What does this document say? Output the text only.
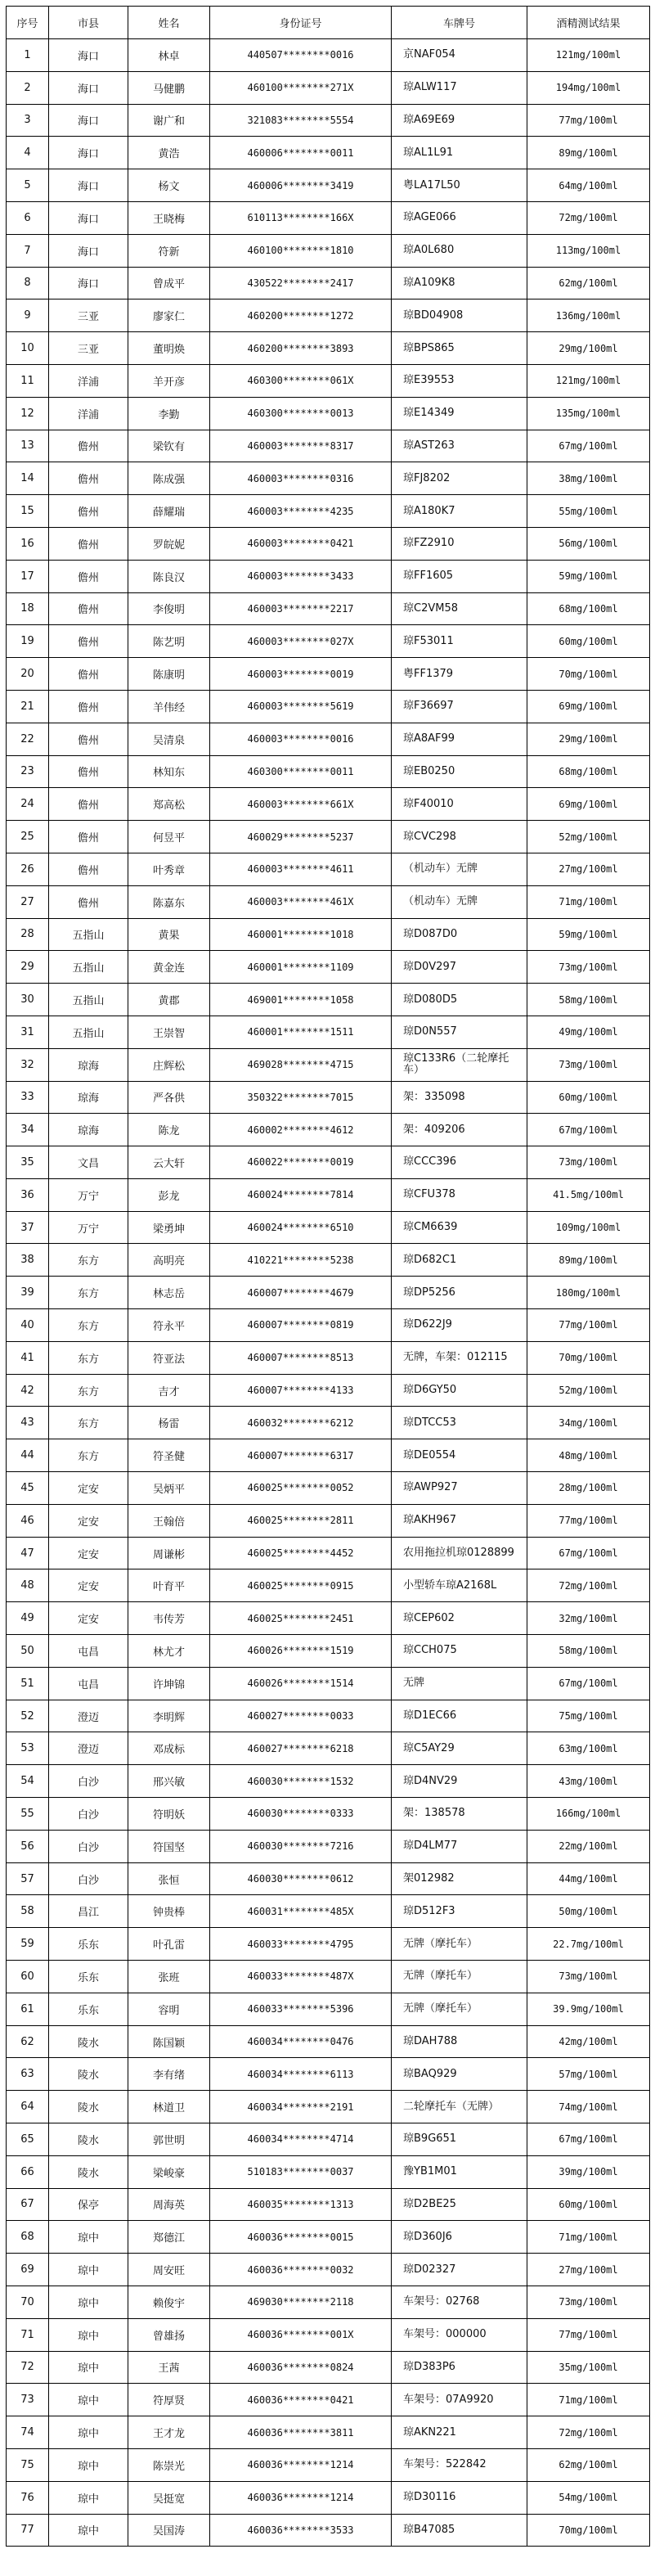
序号	市县	姓名	身份证号	车牌号	酒精测试结果
1	海口	林卓	440507********0016	京NAF054	121mg/100ml
2	海口	马健鹏	460100********271X	琼ALW117	194mg/100ml
3	海口	谢广和	321083********5554	琼A69E69	77mg/100ml
4	海口	黄浩	460006********0011	琼AL1L91	89mg/100ml
5	海口	杨文	460006********3419	粤LA17L50	64mg/100ml
6	海口	王晓梅	610113********166X	琼AGE066	72mg/100ml
7	海口	符新	460100********1810	琼A0L680	113mg/100ml
8	海口	曾成平	430522********2417	琼A109K8	62mg/100ml
9	三亚	廖家仁	460200********1272	琼BD04908	136mg/100ml
10	三亚	董明焕	460200********3893	琼BPS865	29mg/100ml
11	洋浦	羊开彦	460300********061X	琼E39553	121mg/100ml
12	洋浦	李勤	460300********0013	琼E14349	135mg/100ml
13	儋州	梁钦有	460003********8317	琼AST263	67mg/100ml
14	儋州	陈成强	460003********0316	琼FJ8202	38mg/100ml
15	儋州	薛耀瑞	460003********4235	琼A180K7	55mg/100ml
16	儋州	罗皖妮	460003********0421	琼FZ2910	56mg/100ml
17	儋州	陈良汉	460003********3433	琼FF1605	59mg/100ml
18	儋州	李俊明	460003********2217	琼C2VM58	68mg/100ml
19	儋州	陈艺明	460003********027X	琼F53011	60mg/100ml
20	儋州	陈康明	460003********0019	粤FF1379	70mg/100ml
21	儋州	羊伟经	460003********5619	琼F36697	69mg/100ml
22	儋州	吴清泉	460003********0016	琼A8AF99	29mg/100ml
23	儋州	林知东	460300********0011	琼EB0250	68mg/100ml
24	儋州	郑高松	460003********661X	琼F40010	69mg/100ml
25	儋州	何昱平	460029********5237	琼CVC298	52mg/100ml
26	儋州	叶秀章	460003********4611	（机动车）无牌	27mg/100ml
27	儋州	陈嘉东	460003********461X	（机动车）无牌	71mg/100ml
28	五指山	黄果	460001********1018	琼D087D0	59mg/100ml
29	五指山	黄金连	460001********1109	琼D0V297	73mg/100ml
30	五指山	黄郡	469001********1058	琼D080D5	58mg/100ml
31	五指山	王崇智	460001********1511	琼D0N557	49mg/100ml
32	琼海	庄辉松	469028********4715	琼C133R6（二轮摩托车）	73mg/100ml
33	琼海	严各供	350322********7015	架：335098	60mg/100ml
34	琼海	陈龙	460002********4612	架：409206	67mg/100ml
35	文昌	云大轩	460022********0019	琼CCC396	73mg/100ml
36	万宁	彭龙	460024********7814	琼CFU378	41.5mg/100ml
37	万宁	梁勇坤	460024********6510	琼CM6639	109mg/100ml
38	东方	高明亮	410221********5238	琼D682C1	89mg/100ml
39	东方	林志岳	460007********4679	琼DP5256	180mg/100ml
40	东方	符永平	460007********0819	琼D622J9	77mg/100ml
41	东方	符亚法	460007********8513	无牌，车架：012115	70mg/100ml
42	东方	吉才	460007********4133	琼D6GY50	52mg/100ml
43	东方	杨雷	460032********6212	琼DTCC53	34mg/100ml
44	东方	符圣健	460007********6317	琼DE0554	48mg/100ml
45	定安	吴炳平	460025********0052	琼AWP927	28mg/100ml
46	定安	王翰倍	460025********2811	琼AKH967	77mg/100ml
47	定安	周谦彬	460025********4452	农用拖拉机琼0128899	67mg/100ml
48	定安	叶育平	460025********0915	小型轿车琼A2168L	72mg/100ml
49	定安	韦传芳	460025********2451	琼CEP602	32mg/100ml
50	屯昌	林尤才	460026********1519	琼CCH075	58mg/100ml
51	屯昌	许坤锦	460026********1514	无牌	67mg/100ml
52	澄迈	李明辉	460027********0033	琼D1EC66	75mg/100ml
53	澄迈	邓成标	460027********6218	琼C5AY29	63mg/100ml
54	白沙	邢兴敏	460030********1532	琼D4NV29	43mg/100ml
55	白沙	符明妖	460030********0333	架：138578	166mg/100ml
56	白沙	符国坚	460030********7216	琼D4LM77	22mg/100ml
57	白沙	张恒	460030********0612	架012982	44mg/100ml
58	昌江	钟贵棒	460031********485X	琼D512F3	50mg/100ml
59	乐东	叶孔雷	460033********4795	无牌（摩托车）	22.7mg/100ml
60	乐东	张班	460033********487X	无牌（摩托车）	73mg/100ml
61	乐东	容明	460033********5396	无牌（摩托车）	39.9mg/100ml
62	陵水	陈国颖	460034********0476	琼DAH788	42mg/100ml
63	陵水	李有绪	460034********6113	琼BAQ929	57mg/100ml
64	陵水	林道卫	460034********2191	二轮摩托车（无牌）	74mg/100ml
65	陵水	郭世明	460034********4714	琼B9G651	67mg/100ml
66	陵水	梁峻豪	510183********0037	豫YB1M01	39mg/100ml
67	保亭	周海英	460035********1313	琼D2BE25	60mg/100ml
68	琼中	郑德江	460036********0015	琼D360J6	71mg/100ml
69	琼中	周安旺	460036********0032	琼D02327	27mg/100ml
70	琼中	赖俊宇	469030********2118	车架号：02768	73mg/100ml
71	琼中	曾雄扬	460036********001X	车架号：000000	77mg/100ml
72	琼中	王茜	460036********0824	琼D383P6	35mg/100ml
73	琼中	符厚贤	460036********0421	车架号：07A9920	71mg/100ml
74	琼中	王才龙	460036********3811	琼AKN221	72mg/100ml
75	琼中	陈崇光	460036********1214	车架号：522842	62mg/100ml
76	琼中	吴挺宽	460036********1214	琼D30116	54mg/100ml
77	琼中	吴国涛	460036********3533	琼B47085	70mg/100ml
